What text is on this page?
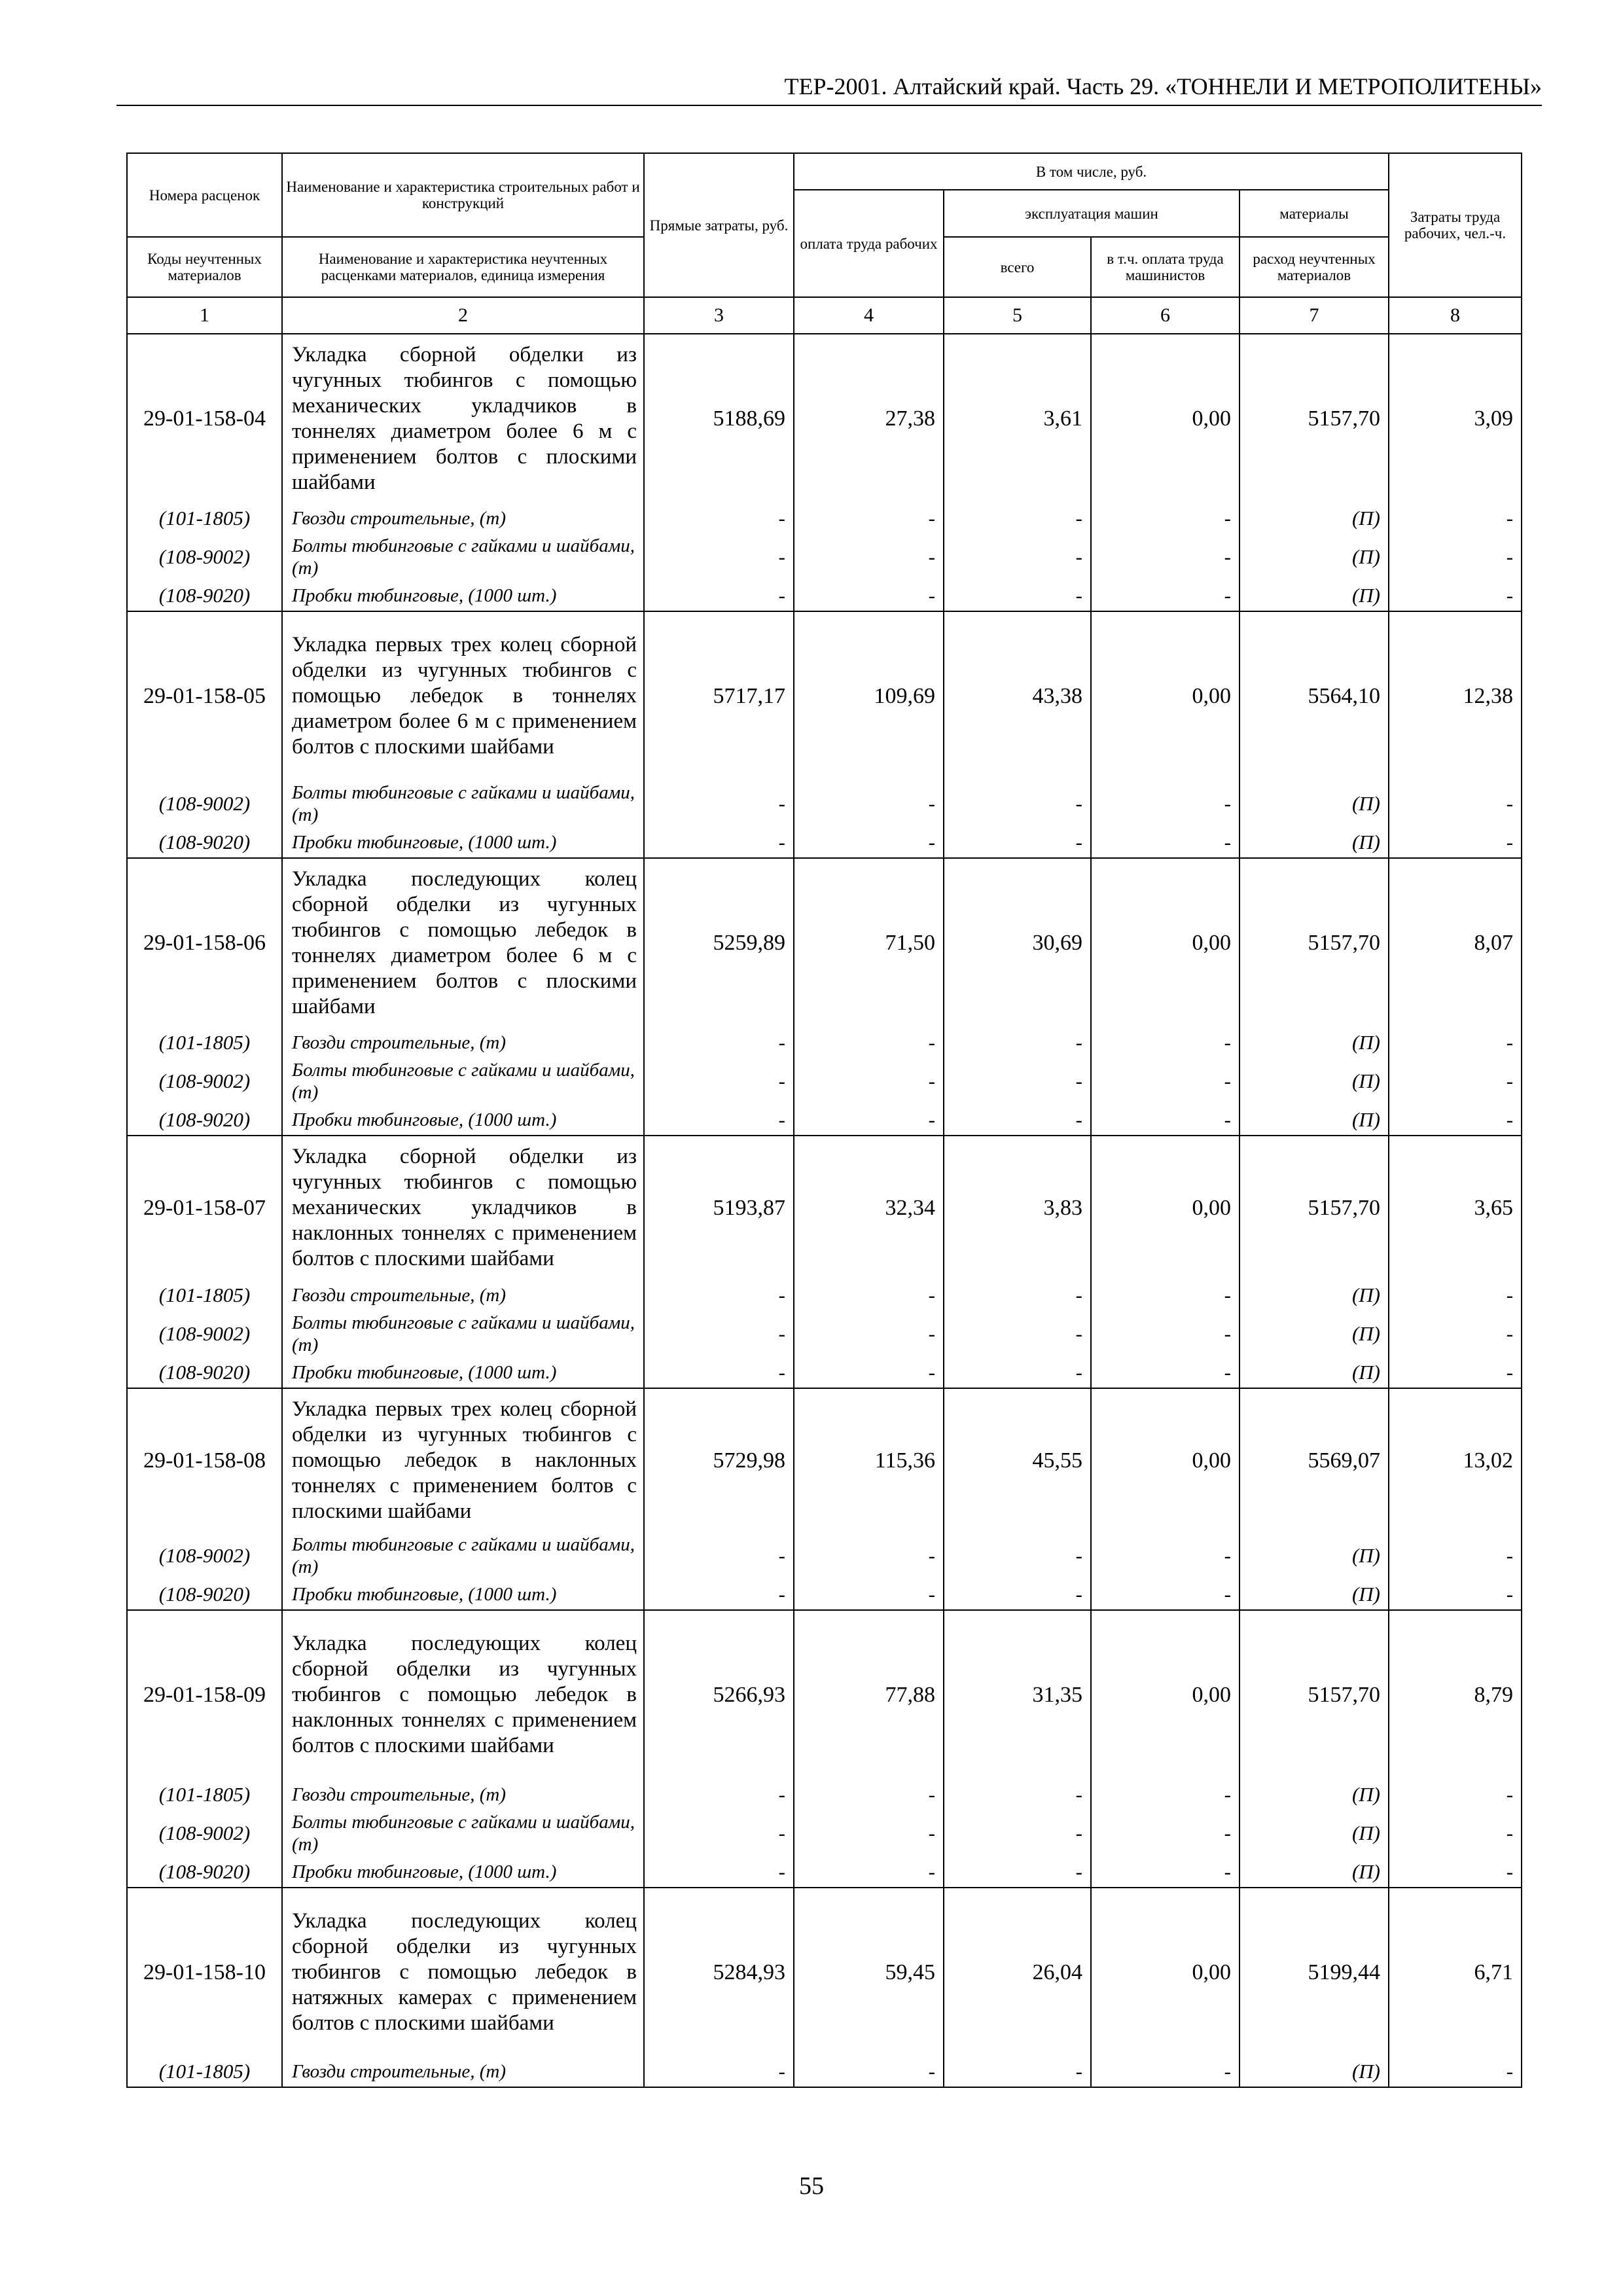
ТЕР-2001. Алтайский край. Часть 29. «ТОННЕЛИ И МЕТРОПОЛИТЕНЫ»
Номера расценок	Наименование и характеристика строительных работ и конструкций	Прямые затраты, руб.	В том числе, руб.				Затраты труда рабочих, чел.-ч.
			оплата труда рабочих	эксплуатация машин		материалы	
Коды неучтенных материалов	Наименование и характеристика неучтенных расценками материалов, единица измерения			всего	в т.ч. оплата труда машинистов	расход неучтенных материалов	

1	2	3	4	5	6	7	8
29-01-158-04	Укладка сборной обделки из чугунных тюбингов с помощью механических укладчиков в тоннелях диаметром более 6 м с применением болтов с плоскими шайбами	5188,69	27,38	3,61	0,00	5157,70	3,09
(101-1805)	Гвозди строительные, (т)	-	-	-	-	(П)	-
(108-9002)	Болты тюбинговые с гайками и шайбами, (т)	-	-	-	-	(П)	-
(108-9020)	Пробки тюбинговые, (1000 шт.)	-	-	-	-	(П)	-
29-01-158-05	Укладка первых трех колец сборной обделки из чугунных тюбингов с помощью лебедок в тоннелях диаметром более 6 м с применением болтов с плоскими шайбами	5717,17	109,69	43,38	0,00	5564,10	12,38
(108-9002)	Болты тюбинговые с гайками и шайбами, (т)	-	-	-	-	(П)	-
(108-9020)	Пробки тюбинговые, (1000 шт.)	-	-	-	-	(П)	-
29-01-158-06	Укладка последующих колец сборной обделки из чугунных тюбингов с помощью лебедок в тоннелях диаметром более 6 м с применением болтов с плоскими шайбами	5259,89	71,50	30,69	0,00	5157,70	8,07
(101-1805)	Гвозди строительные, (т)	-	-	-	-	(П)	-
(108-9002)	Болты тюбинговые с гайками и шайбами, (т)	-	-	-	-	(П)	-
(108-9020)	Пробки тюбинговые, (1000 шт.)	-	-	-	-	(П)	-
29-01-158-07	Укладка сборной обделки из чугунных тюбингов с помощью механических укладчиков в наклонных тоннелях с применением болтов с плоскими шайбами	5193,87	32,34	3,83	0,00	5157,70	3,65
(101-1805)	Гвозди строительные, (т)	-	-	-	-	(П)	-
(108-9002)	Болты тюбинговые с гайками и шайбами, (т)	-	-	-	-	(П)	-
(108-9020)	Пробки тюбинговые, (1000 шт.)	-	-	-	-	(П)	-
29-01-158-08	Укладка первых трех колец сборной обделки из чугунных тюбингов с помощью лебедок в наклонных тоннелях с применением болтов с плоскими шайбами	5729,98	115,36	45,55	0,00	5569,07	13,02
(108-9002)	Болты тюбинговые с гайками и шайбами, (т)	-	-	-	-	(П)	-
(108-9020)	Пробки тюбинговые, (1000 шт.)	-	-	-	-	(П)	-
29-01-158-09	Укладка последующих колец сборной обделки из чугунных тюбингов с помощью лебедок в наклонных тоннелях с применением болтов с плоскими шайбами	5266,93	77,88	31,35	0,00	5157,70	8,79
(101-1805)	Гвозди строительные, (т)	-	-	-	-	(П)	-
(108-9002)	Болты тюбинговые с гайками и шайбами, (т)	-	-	-	-	(П)	-
(108-9020)	Пробки тюбинговые, (1000 шт.)	-	-	-	-	(П)	-
29-01-158-10	Укладка последующих колец сборной обделки из чугунных тюбингов с помощью лебедок в натяжных камерах с применением болтов с плоскими шайбами	5284,93	59,45	26,04	0,00	5199,44	6,71
(101-1805)	Гвозди строительные, (т)	-	-	-	-	(П)	-
55
